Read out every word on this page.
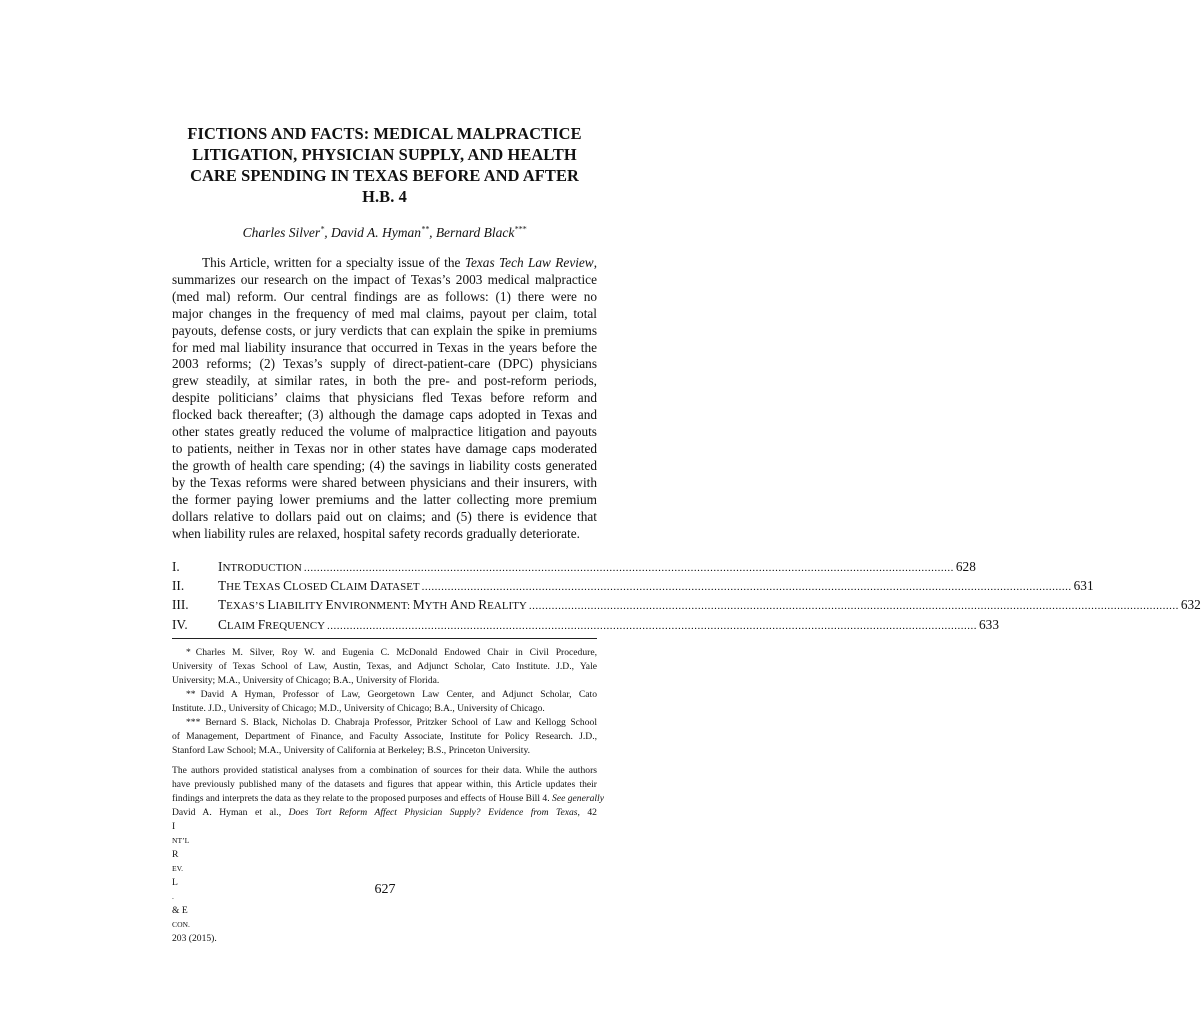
FICTIONS AND FACTS: MEDICAL MALPRACTICE
LITIGATION, PHYSICIAN SUPPLY, AND HEALTH
CARE SPENDING IN TEXAS BEFORE AND AFTER
H.B. 4
Charles Silver*, David A. Hyman**, Bernard Black***
This Article, written for a specialty issue of the Texas Tech Law Review,
summarizes our research on the impact of Texas’s 2003 medical malpractice
(med mal) reform. Our central findings are as follows: (1) there were no
major changes in the frequency of med mal claims, payout per claim, total
payouts, defense costs, or jury verdicts that can explain the spike in premiums
for med mal liability insurance that occurred in Texas in the years before the
2003 reforms; (2) Texas’s supply of direct-patient-care (DPC) physicians
grew steadily, at similar rates, in both the pre- and post-reform periods,
despite politicians’ claims that physicians fled Texas before reform and
flocked back thereafter; (3) although the damage caps adopted in Texas and
other states greatly reduced the volume of malpractice litigation and payouts
to patients, neither in Texas nor in other states have damage caps moderated
the growth of health care spending; (4) the savings in liability costs generated
by the Texas reforms were shared between physicians and their insurers, with
the former paying lower premiums and the latter collecting more premium
dollars relative to dollars paid out on claims; and (5) there is evidence that
when liability rules are relaxed, hospital safety records gradually deteriorate.
I.	INTRODUCTION ........................................................................................................................................................................................................ 628
II.	THE TEXAS CLOSED CLAIM DATASET ........................................................................................................................................................................................................ 631
III.	TEXAS’S LIABILITY ENVIRONMENT: MYTH AND REALITY ........................................................................................................................................................................................................ 632
IV.	CLAIM FREQUENCY ........................................................................................................................................................................................................ 633
* Charles M. Silver, Roy W. and Eugenia C. McDonald Endowed Chair in Civil Procedure,
University of Texas School of Law, Austin, Texas, and Adjunct Scholar, Cato Institute. J.D., Yale
University; M.A., University of Chicago; B.A., University of Florida.
** David A Hyman, Professor of Law, Georgetown Law Center, and Adjunct Scholar, Cato
Institute. J.D., University of Chicago; M.D., University of Chicago; B.A., University of Chicago.
*** Bernard S. Black, Nicholas D. Chabraja Professor, Pritzker School of Law and Kellogg School
of Management, Department of Finance, and Faculty Associate, Institute for Policy Research. J.D.,
Stanford Law School; M.A., University of California at Berkeley; B.S., Princeton University.
The authors provided statistical analyses from a combination of sources for their data. While the authors
have previously published many of the datasets and figures that appear within, this Article updates their
findings and interprets the data as they relate to the proposed purposes and effects of House Bill 4. See generally
David A. Hyman et al., Does Tort Reform Affect Physician Supply? Evidence from Texas, 42
I
NT’L
R
EV.
L
.
& E
CON.
203 (2015).
627
